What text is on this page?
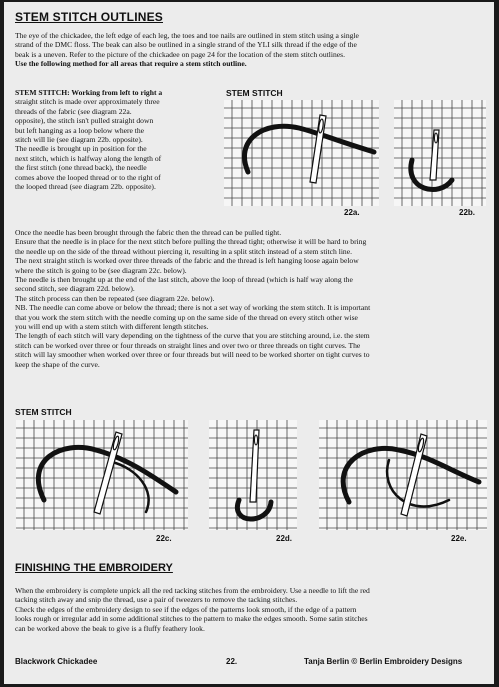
STEM STITCH OUTLINES
The eye of the chickadee, the left edge of each leg, the toes and toe nails are outlined in stem stitch using a single
strand of the DMC floss. The beak can also be outlined in a single strand of the YLI silk thread if the edge of the
beak is a uneven. Refer to the picture of the chickadee on page 24 for the location of the stem stitch outlines.
Use the following method for all areas that require a stem stitch outline.
STEM STITCH: Working from left to right a
straight stitch is made over approximately three
threads of the fabric (see diagram 22a.
opposite), the stitch isn't pulled straight down
but left hanging as a loop below where the
stitch will lie (see diagram 22b. opposite).
The needle is brought up in position for the
next stitch, which is halfway along the length of
the first stitch (one thread back), the needle
comes above the looped thread or to the right of
the looped thread (see diagram 22b. opposite).
STEM STITCH
22a.	22b.
Once the needle has been brought through the fabric then the thread can be pulled tight.
Ensure that the needle is in place for the next stitch before pulling the thread tight; otherwise it will be hard to bring
the needle up on the side of the thread without piercing it, resulting in a split stitch instead of a stem stitch line.
The next straight stitch is worked over three threads of the fabric and the thread is left hanging loose again below
where the stitch is going to be (see diagram 22c. below).
The needle is then brought up at the end of the last stitch, above the loop of thread (which is half way along the
second stitch, see diagram 22d. below).
The stitch process can then be repeated (see diagram 22e. below).
NB. The needle can come above or below the thread; there is not a set way of working the stem stitch. It is important
that you work the stem stitch with the needle coming up on the same side of the thread on every stitch other wise
you will end up with a stem stitch with different length stitches.
The length of each stitch will vary depending on the tightness of the curve that you are stitching around, i.e. the stem
stitch can be worked over three or four threads on straight lines and over two or three threads on tight curves. The
stitch will lay smoother when worked over three or four threads but will need to be worked shorter on tight curves to
keep the shape of the curve.
STEM STITCH
22c.	22d.	22e.
FINISHING THE EMBROIDERY
When the embroidery is complete unpick all the red tacking stitches from the embroidery. Use a needle to lift the red
tacking stitch away and snip the thread, use a pair of tweezers to remove the tacking stitches.
Check the edges of the embroidery design to see if the edges of the patterns look smooth, if the edge of a pattern
looks rough or irregular add in some additional stitches to the pattern to make the edges smooth. Some satin stitches
can be worked above the beak to give is a fluffy feathery look.
Blackwork Chickadee	22.	Tanja Berlin © Berlin Embroidery Designs
